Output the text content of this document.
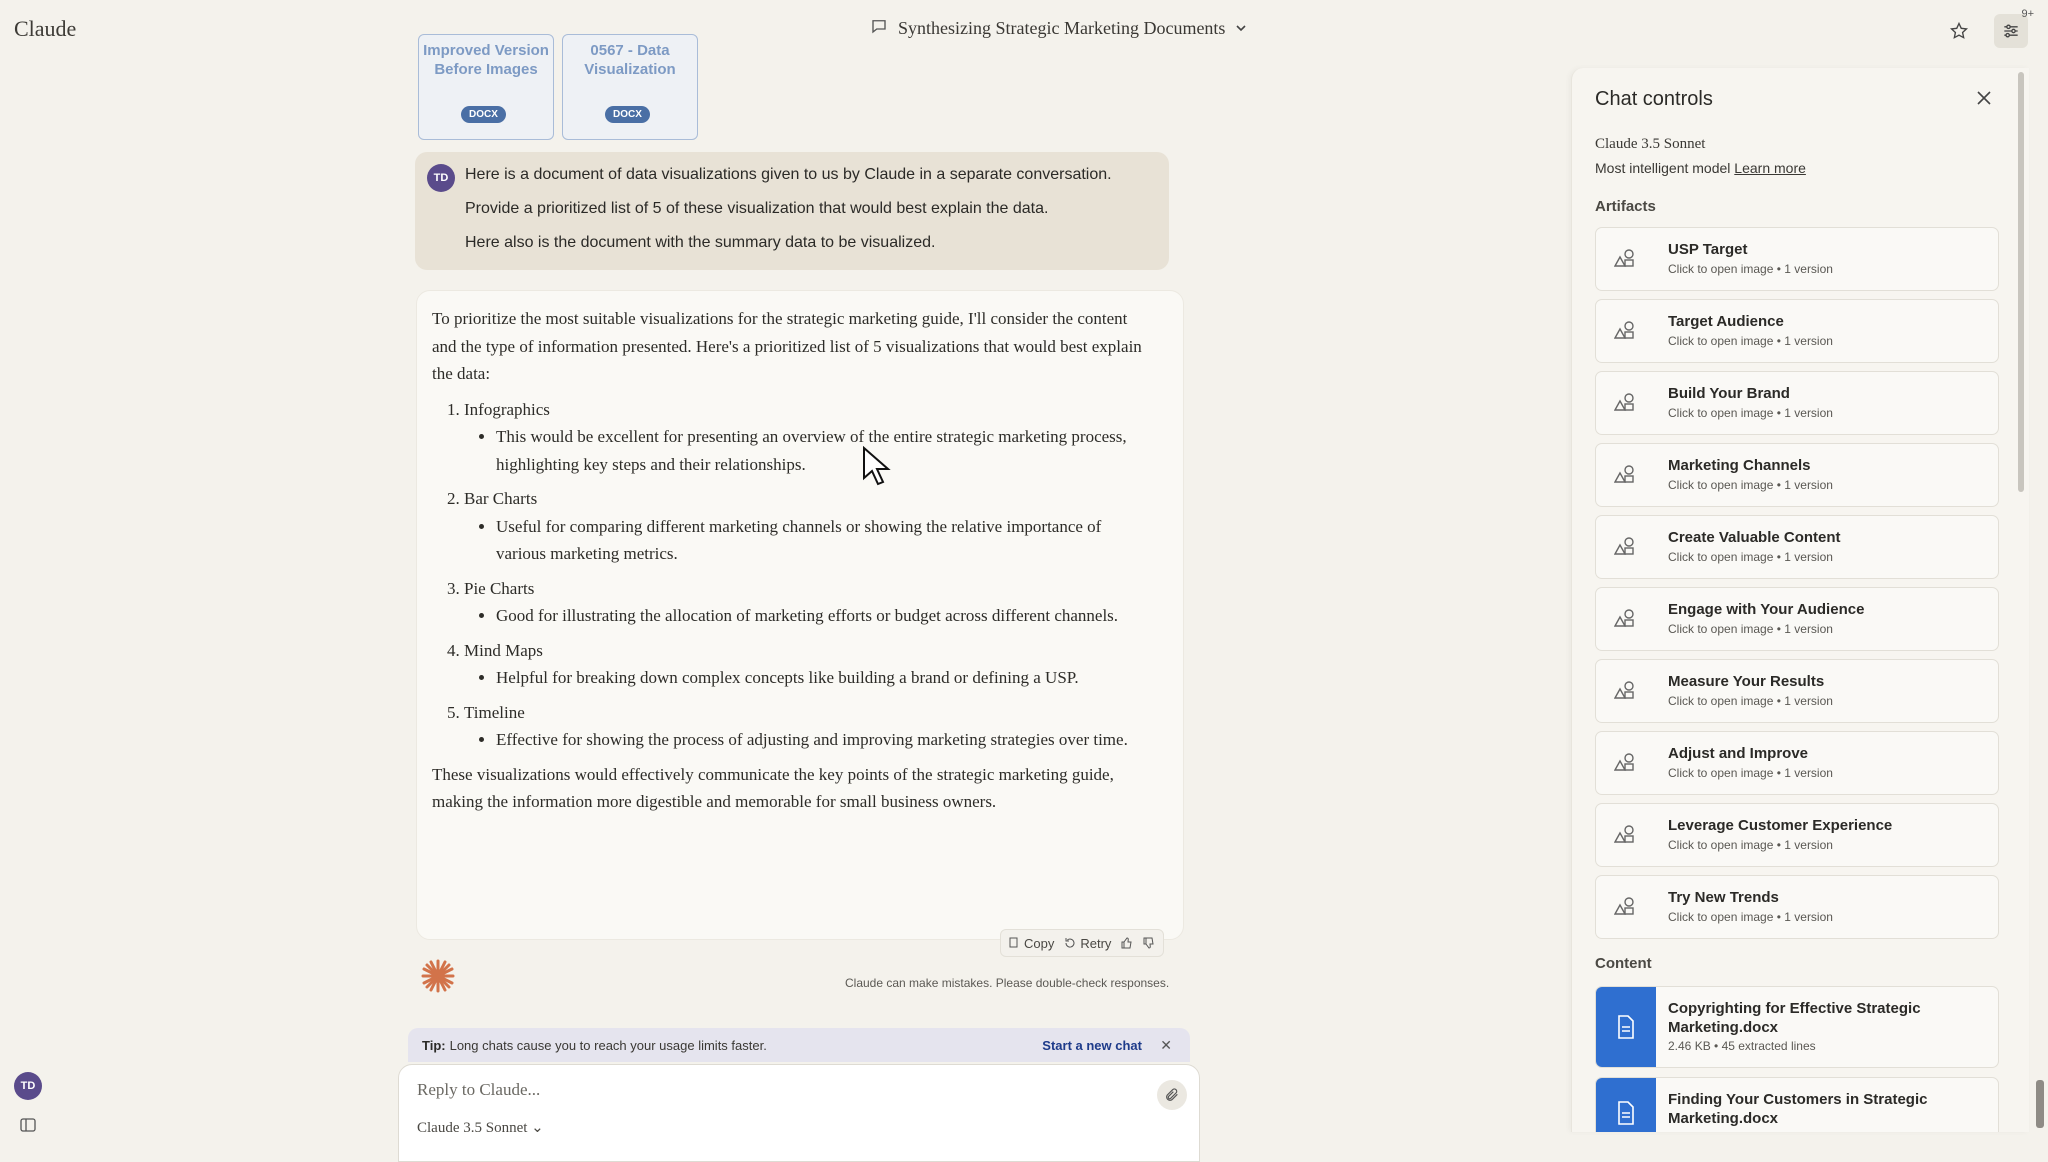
Claude	Synthesizing Strategic Marketing Documents
9+
Improved Version Before Images
DOCX
0567 - Data Visualization
DOCX
TD	Here is a document of data visualizations given to us by Claude in a separate conversation.

Provide a prioritized list of 5 of these visualization that would best explain the data.

Here also is the document with the summary data to be visualized.

To prioritize the most suitable visualizations for the strategic marketing guide, I'll consider the content and the type of information presented. Here's a prioritized list of 5 visualizations that would best explain the data:

1. Infographics
• This would be excellent for presenting an overview of the entire strategic marketing process, highlighting key steps and their relationships.
2. Bar Charts
• Useful for comparing different marketing channels or showing the relative importance of various marketing metrics.
3. Pie Charts
• Good for illustrating the allocation of marketing efforts or budget across different channels.
4. Mind Maps
• Helpful for breaking down complex concepts like building a brand or defining a USP.
5. Timeline
• Effective for showing the process of adjusting and improving marketing strategies over time.

These visualizations would effectively communicate the key points of the strategic marketing guide, making the information more digestible and memorable for small business owners.

Copy Retry
Claude can make mistakes. Please double-check responses.
Tip: Long chats cause you to reach your usage limits faster.	Start a new chat ✕
Reply to Claude...
Claude 3.5 Sonnet ⌄
TD
Chat controls
Claude 3.5 Sonnet
Most intelligent model Learn more
Artifacts
USP Target
Click to open image • 1 version
Target Audience
Click to open image • 1 version
Build Your Brand
Click to open image • 1 version
Marketing Channels
Click to open image • 1 version
Create Valuable Content
Click to open image • 1 version
Engage with Your Audience
Click to open image • 1 version
Measure Your Results
Click to open image • 1 version
Adjust and Improve
Click to open image • 1 version
Leverage Customer Experience
Click to open image • 1 version
Try New Trends
Click to open image • 1 version
Content
Copyrighting for Effective Strategic Marketing.docx
2.46 KB • 45 extracted lines
Finding Your Customers in Strategic Marketing.docx
